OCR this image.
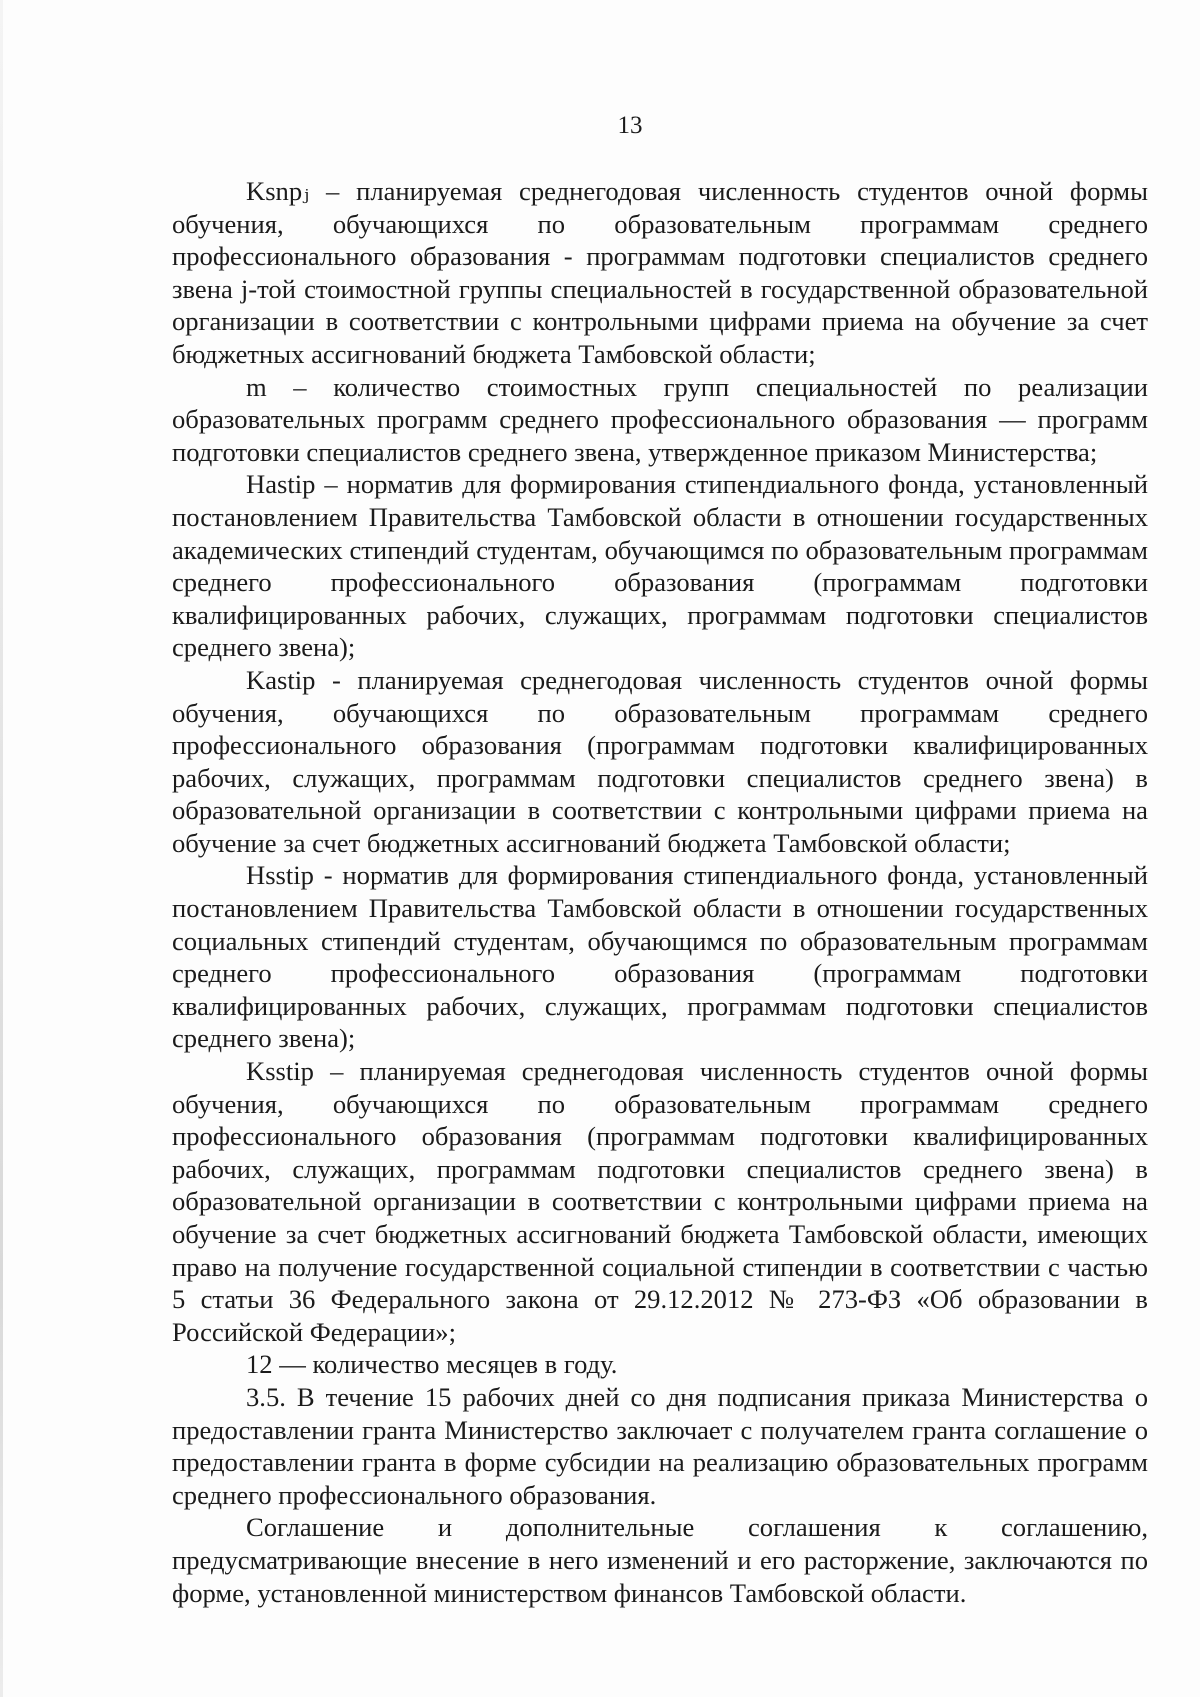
13

Ksnpⱼ – планируемая среднегодовая численность студентов очной формы обучения, обучающихся по образовательным программам среднего профессионального образования - программам подготовки специалистов среднего звена j-той стоимостной группы специальностей в государственной образовательной организации в соответствии с контрольными цифрами приема на обучение за счет бюджетных ассигнований бюджета Тамбовской области;

m – количество стоимостных групп специальностей по реализации образовательных программ среднего профессионального образования — программ подготовки специалистов среднего звена, утвержденное приказом Министерства;

Hastip – норматив для формирования стипендиального фонда, установленный постановлением Правительства Тамбовской области в отношении государственных академических стипендий студентам, обучающимся по образовательным программам среднего профессионального образования (программам подготовки квалифицированных рабочих, служащих, программам подготовки специалистов среднего звена);

Kastip - планируемая среднегодовая численность студентов очной формы обучения, обучающихся по образовательным программам среднего профессионального образования (программам подготовки квалифицированных рабочих, служащих, программам подготовки специалистов среднего звена) в образовательной организации в соответствии с контрольными цифрами приема на обучение за счет бюджетных ассигнований бюджета Тамбовской области;

Hsstip - норматив для формирования стипендиального фонда, установленный постановлением Правительства Тамбовской области в отношении государственных социальных стипендий студентам, обучающимся по образовательным программам среднего профессионального образования (программам подготовки квалифицированных рабочих, служащих, программам подготовки специалистов среднего звена);

Ksstip – планируемая среднегодовая численность студентов очной формы обучения, обучающихся по образовательным программам среднего профессионального образования (программам подготовки квалифицированных рабочих, служащих, программам подготовки специалистов среднего звена) в образовательной организации в соответствии с контрольными цифрами приема на обучение за счет бюджетных ассигнований бюджета Тамбовской области, имеющих право на получение государственной социальной стипендии в соответствии с частью 5 статьи 36 Федерального закона от 29.12.2012 № 273-ФЗ «Об образовании в Российской Федерации»;

12 — количество месяцев в году.

3.5. В течение 15 рабочих дней со дня подписания приказа Министерства о предоставлении гранта Министерство заключает с получателем гранта соглашение о предоставлении гранта в форме субсидии на реализацию образовательных программ среднего профессионального образования.

Соглашение и дополнительные соглашения к соглашению, предусматривающие внесение в него изменений и его расторжение, заключаются по форме, установленной министерством финансов Тамбовской области.
